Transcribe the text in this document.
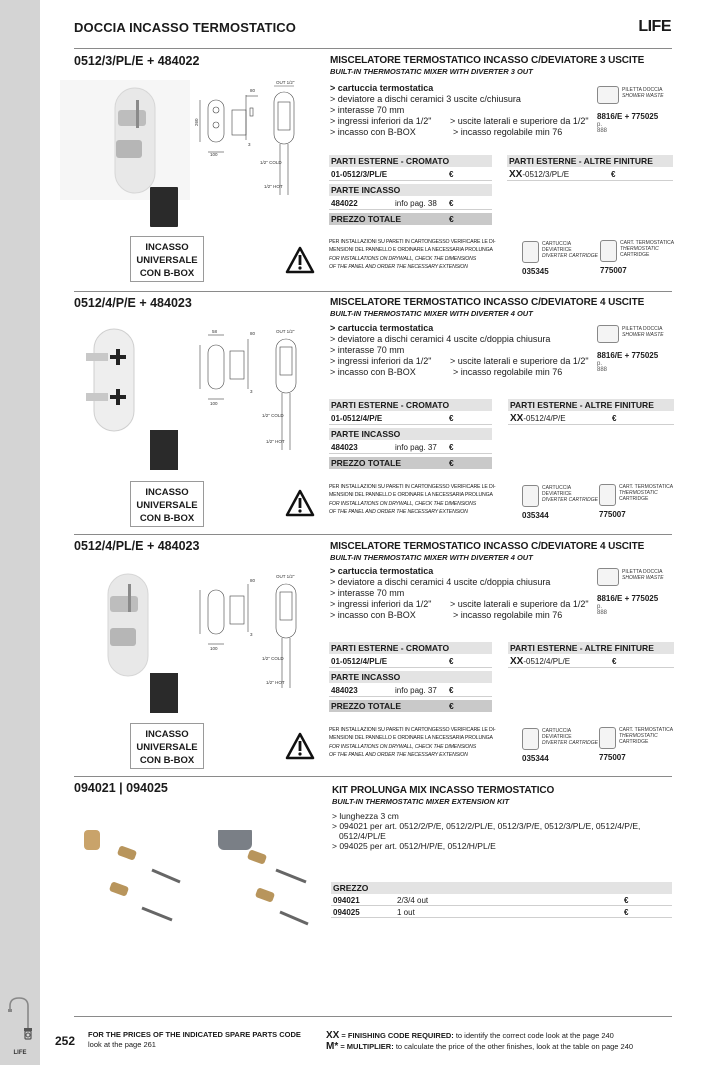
LIFE
DOCCIA INCASSO TERMOSTATICO	LIFE
0512/3/PL/E + 484022
OUT 1/2"
80
260
100
3
1/2" COLD
1/2" HOT
MISCELATORE TERMOSTATICO INCASSO C/DEVIATORE 3 USCITE
BUILT-IN THERMOSTATIC MIXER WITH DIVERTER 3 OUT
> cartuccia termostatica
> deviatore a dischi ceramici 3 uscite c/chiusura
> interasse 70 mm
> ingressi inferiori da 1/2" > uscite laterali e superiore da 1/2"
> incasso con B-BOX	> incasso regolabile min 76
PILETTA DOCCIA
SHOWER WASTE
8816/E + 775025
p. 888
PARTI ESTERNE - CROMATO
01-0512/3/PL/E	€
PARTE INCASSO
484022	info pag. 38 €
PREZZO TOTALE	€
PARTI ESTERNE - ALTRE FINITURE
XX-0512/3/PL/E	€
INCASSO
UNIVERSALE
CON B-BOX
PER INSTALLAZIONI SU PARETI IN CARTONGESSO VERIFICARE LE DI-
MENSIONI DEL PANNELLO E ORDINARE LA NECESSARIA PROLUNGA
FOR INSTALLATIONS ON DRYWALL, CHECK THE DIMENSIONS
OF THE PANEL AND ORDER THE NECESSARY EXTENSION
CARTUCCIA
DEVIATRICE
DIVERTER CARTRIDGE
035345
CART. TERMOSTATICA
THERMOSTATIC
CARTRIDGE
775007
0512/4/P/E + 484023
58	80	OUT 1/2"
100
3
1/2" COLD
1/2" HOT
MISCELATORE TERMOSTATICO INCASSO C/DEVIATORE 4 USCITE
BUILT-IN THERMOSTATIC MIXER WITH DIVERTER 4 OUT
> cartuccia termostatica
> deviatore a dischi ceramici 4 uscite c/doppia chiusura
> interasse 70 mm
> ingressi inferiori da 1/2" > uscite laterali e superiore da 1/2"
> incasso con B-BOX	> incasso regolabile min 76
PILETTA DOCCIA
SHOWER WASTE
8816/E + 775025
p. 888
PARTI ESTERNE - CROMATO
01-0512/4/P/E	€
PARTE INCASSO
484023	info pag. 37 €
PREZZO TOTALE	€
PARTI ESTERNE - ALTRE FINITURE
XX-0512/4/P/E	€
INCASSO
UNIVERSALE
CON B-BOX
PER INSTALLAZIONI SU PARETI IN CARTONGESSO VERIFICARE LE DI-
MENSIONI DEL PANNELLO E ORDINARE LA NECESSARIA PROLUNGA
FOR INSTALLATIONS ON DRYWALL, CHECK THE DIMENSIONS
OF THE PANEL AND ORDER THE NECESSARY EXTENSION
CARTUCCIA
DEVIATRICE
DIVERTER CARTRIDGE
035344
CART. TERMOSTATICA
THERMOSTATIC
CARTRIDGE
775007
0512/4/PL/E + 484023
80
OUT 1/2"
100
3
1/2" COLD
1/2" HOT
MISCELATORE TERMOSTATICO INCASSO C/DEVIATORE 4 USCITE
BUILT-IN THERMOSTATIC MIXER WITH DIVERTER 4 OUT
> cartuccia termostatica
> deviatore a dischi ceramici 4 uscite c/doppia chiusura
> interasse 70 mm
> ingressi inferiori da 1/2" > uscite laterali e superiore da 1/2"
> incasso con B-BOX	> incasso regolabile min 76
PILETTA DOCCIA
SHOWER WASTE
8816/E + 775025
p. 888
PARTI ESTERNE - CROMATO
01-0512/4/PL/E	€
PARTE INCASSO
484023	info pag. 37 €
PREZZO TOTALE	€
PARTI ESTERNE - ALTRE FINITURE
XX-0512/4/PL/E	€
INCASSO
UNIVERSALE
CON B-BOX
PER INSTALLAZIONI SU PARETI IN CARTONGESSO VERIFICARE LE DI-
MENSIONI DEL PANNELLO E ORDINARE LA NECESSARIA PROLUNGA
FOR INSTALLATIONS ON DRYWALL, CHECK THE DIMENSIONS
OF THE PANEL AND ORDER THE NECESSARY EXTENSION
CARTUCCIA
DEVIATRICE
DIVERTER CARTRIDGE
035344
CART. TERMOSTATICA
THERMOSTATIC
CARTRIDGE
775007
094021 | 094025	KIT PROLUNGA MIX INCASSO TERMOSTATICO
BUILT-IN THERMOSTATIC MIXER EXTENSION KIT
> lunghezza 3 cm
> 094021 per art. 0512/2/P/E, 0512/2/PL/E, 0512/3/P/E, 0512/3/PL/E, 0512/4/P/E,
0512/4/PL/E
> 094025 per art. 0512/H/P/E, 0512/H/PL/E
GREZZO
094021	2/3/4 out	€
094025	1 out	€
252 FOR THE PRICES OF THE INDICATED SPARE PARTS CODE
look at the page 261
XX = FINISHING CODE REQUIRED: to identify the correct code look at the page 240
M* = MULTIPLIER: to calculate the price of the other finishes, look at the table on page 240
